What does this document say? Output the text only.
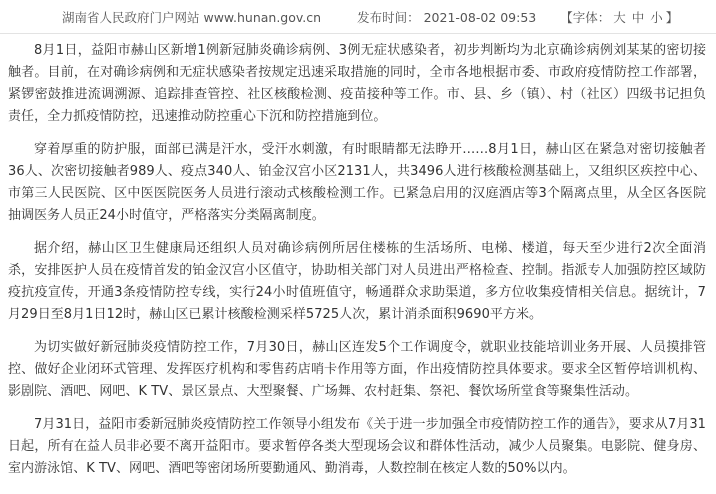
湖南省人民政府门户网站 www.hunan.gov.cn	发布时间： 2021-08-02 09:53 【字体： 大 中 小 】

8月1日，益阳市赫山区新增1例新冠肺炎确诊病例、3例无症状感染者，初步判断均为北京确诊病例刘某某的密切接触者。目前，在对确诊病例和无症状感染者按规定迅速采取措施的同时，全市各地根据市委、市政府疫情防控工作部署，紧锣密鼓推进流调溯源、追踪排查管控、社区核酸检测、疫苗接种等工作。市、县、乡（镇）、村（社区）四级书记担负责任，全力抓疫情防控，迅速推动防控重心下沉和防控措施到位。

穿着厚重的防护服，面部已满是汗水，受汗水刺激，有时眼睛都无法睁开……8月1日，赫山区在紧急对密切接触者36人、次密切接触者989人、疫点340人、铂金汉宫小区2131人，共3496人进行核酸检测基础上，又组织区疾控中心、市第三人民医院、区中医医院医务人员进行滚动式核酸检测工作。已紧急启用的汉庭酒店等3个隔离点里，从全区各医院抽调医务人员正24小时值守，严格落实分类隔离制度。

据介绍，赫山区卫生健康局还组织人员对确诊病例所居住楼栋的生活场所、电梯、楼道，每天至少进行2次全面消杀，安排医护人员在疫情首发的铂金汉宫小区值守，协助相关部门对人员进出严格检查、控制。指派专人加强防控区域防疫抗疫宣传，开通3条疫情防控专线，实行24小时值班值守，畅通群众求助渠道，多方位收集疫情相关信息。据统计，7月29日至8月1日12时，赫山区已累计核酸检测采样5725人次，累计消杀面积9690平方米。

为切实做好新冠肺炎疫情防控工作，7月30日，赫山区连发5个工作调度令，就职业技能培训业务开展、人员摸排管控、做好企业闭环式管理、发挥医疗机构和零售药店哨卡作用等方面，作出疫情防控具体要求。要求全区暂停培训机构、影剧院、酒吧、网吧、K TV、景区景点、大型聚餐、广场舞、农村赶集、祭祀、餐饮场所堂食等聚集性活动。

7月31日，益阳市委新冠肺炎疫情防控工作领导小组发布《关于进一步加强全市疫情防控工作的通告》，要求从7月31日起，所有在益人员非必要不离开益阳市。要求暂停各类大型现场会议和群体性活动，减少人员聚集。电影院、健身房、室内游泳馆、K TV、网吧、酒吧等密闭场所要勤通风、勤消毒，人数控制在核定人数的50%以内。
